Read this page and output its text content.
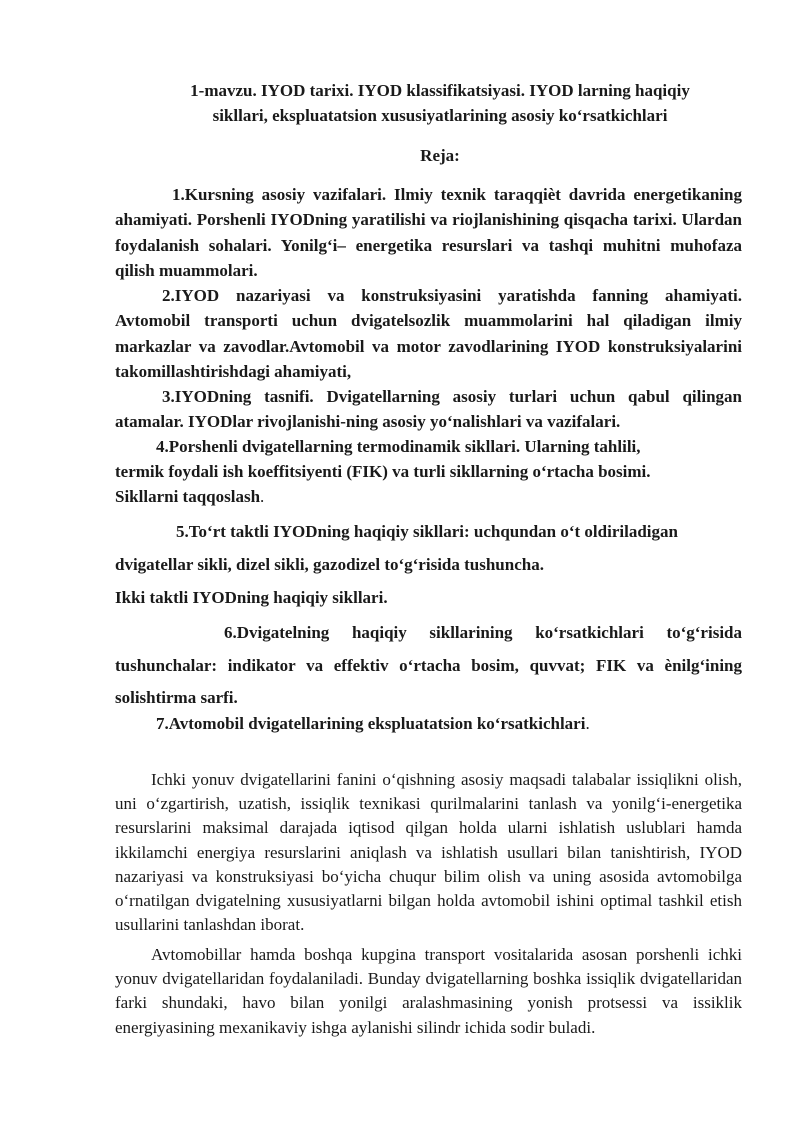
1-mavzu. IYOD tarixi. IYOD klassifikatsiyasi. IYOD larning haqiqiy
sikllari, ekspluatatsion xususiyatlarining asosiy ko‘rsatkichlari
Reja:

1.Kursning asosiy vazifalari. Ilmiy texnik taraqqièt davrida energetikaning ahamiyati. Porshenli IYODning yaratilishi va riojlanishining qisqacha tarixi. Ulardan foydalanish sohalari. Yonilg‘i– energetika resurslari va tashqi muhitni muhofaza qilish muammolari.

2.IYOD nazariyasi va konstruksiyasini yaratishda fanning ahamiyati. Avtomobil transporti uchun dvigatelsozlik muammolarini hal qiladigan ilmiy markazlar va zavodlar.Avtomobil va motor zavodlarining IYOD konstruksiyalarini takomillashtirishdagi ahamiyati,

3.IYODning tasnifi. Dvigatellarning asosiy turlari uchun qabul qilingan atamalar. IYODlar rivojlanishi-ning asosiy yo‘nalishlari va vazifalari.

4.Porshenli dvigatellarning termodinamik sikllari. Ularning tahlili,

termik foydali ish koeffitsiyenti (FIK) va turli sikllarning o‘rtacha bosimi.

Sikllarni taqqoslash.

5.To‘rt taktli IYODning haqiqiy sikllari: uchqundan o‘t oldiriladigan

dvigatellar sikli, dizel sikli, gazodizel to‘g‘risida tushuncha.

Ikki taktli IYODning haqiqiy sikllari.

6.Dvigatelning haqiqiy sikllarining ko‘rsatkichlari to‘g‘risida tushunchalar: indikator va effektiv o‘rtacha bosim, quvvat; FIK va ènilg‘ining solishtirma sarfi.

7.Avtomobil dvigatellarining ekspluatatsion ko‘rsatkichlari.

Ichki yonuv dvigatellarini fanini o‘qishning asosiy maqsadi talabalar issiqlikni olish, uni o‘zgartirish, uzatish, issiqlik texnikasi qurilmalarini tanlash va yonilg‘i-energetika resurslarini maksimal darajada iqtisod qilgan holda ularni ishlatish uslublari hamda ikkilamchi energiya resurslarini aniqlash va ishlatish usullari bilan tanishtirish, IYOD nazariyasi va konstruksiyasi bo‘yicha chuqur bilim olish va uning asosida avtomobilga o‘rnatilgan dvigatelning xususiyatlarni bilgan holda avtomobil ishini optimal tashkil etish usullarini tanlashdan iborat.

Avtomobillar hamda boshqa kupgina transport vositalarida asosan porshenli ichki yonuv dvigatellaridan foydalaniladi. Bunday dvigatellarning boshka issiqlik dvigatellaridan farki shundaki, havo bilan yonilgi aralashmasining yonish protsessi va issiklik energiyasining mexanikaviy ishga aylanishi silindr ichida sodir buladi.
